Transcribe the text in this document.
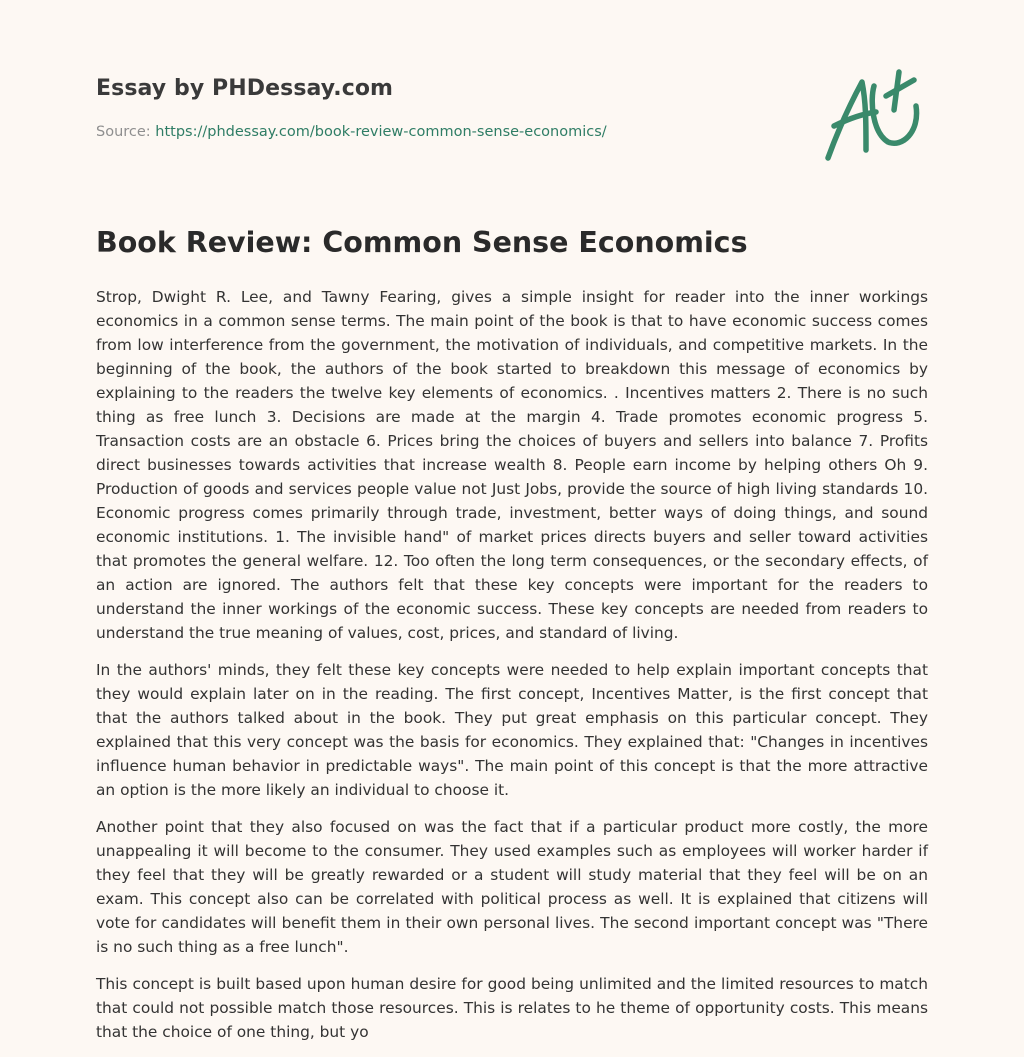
Essay by PHDessay.com
Source: https://phdessay.com/book-review-common-sense-economics/
Book Review: Common Sense Economics

Strop, Dwight R. Lee, and Tawny Fearing, gives a simple insight for reader into the inner workings economics in a common sense terms. The main point of the book is that to have economic success comes from low interference from the government, the motivation of individuals, and competitive markets. In the beginning of the book, the authors of the book started to breakdown this message of economics by explaining to the readers the twelve key elements of economics. . Incentives matters 2. There is no such thing as free lunch 3. Decisions are made at the margin 4. Trade promotes economic progress 5. Transaction costs are an obstacle 6. Prices bring the choices of buyers and sellers into balance 7. Profits direct businesses towards activities that increase wealth 8. People earn income by helping others Oh 9. Production of goods and services people value not Just Jobs, provide the source of high living standards 10. Economic progress comes primarily through trade, investment, better ways of doing things, and sound economic institutions. 1. The invisible hand" of market prices directs buyers and seller toward activities that promotes the general welfare. 12. Too often the long term consequences, or the secondary effects, of an action are ignored. The authors felt that these key concepts were important for the readers to understand the inner workings of the economic success. These key concepts are needed from readers to understand the true meaning of values, cost, prices, and standard of living.

In the authors' minds, they felt these key concepts were needed to help explain important concepts that they would explain later on in the reading. The first concept, Incentives Matter, is the first concept that that the authors talked about in the book. They put great emphasis on this particular concept. They explained that this very concept was the basis for economics. They explained that: "Changes in incentives influence human behavior in predictable ways". The main point of this concept is that the more attractive an option is the more likely an individual to choose it.

Another point that they also focused on was the fact that if a particular product more costly, the more unappealing it will become to the consumer. They used examples such as employees will worker harder if they feel that they will be greatly rewarded or a student will study material that they feel will be on an exam. This concept also can be correlated with political process as well. It is explained that citizens will vote for candidates will benefit them in their own personal lives. The second important concept was "There is no such thing as a free lunch".

This concept is built based upon human desire for good being unlimited and the limited resources to match that could not possible match those resources. This is relates to he theme of opportunity costs. This means that the choice of one thing, but yo
